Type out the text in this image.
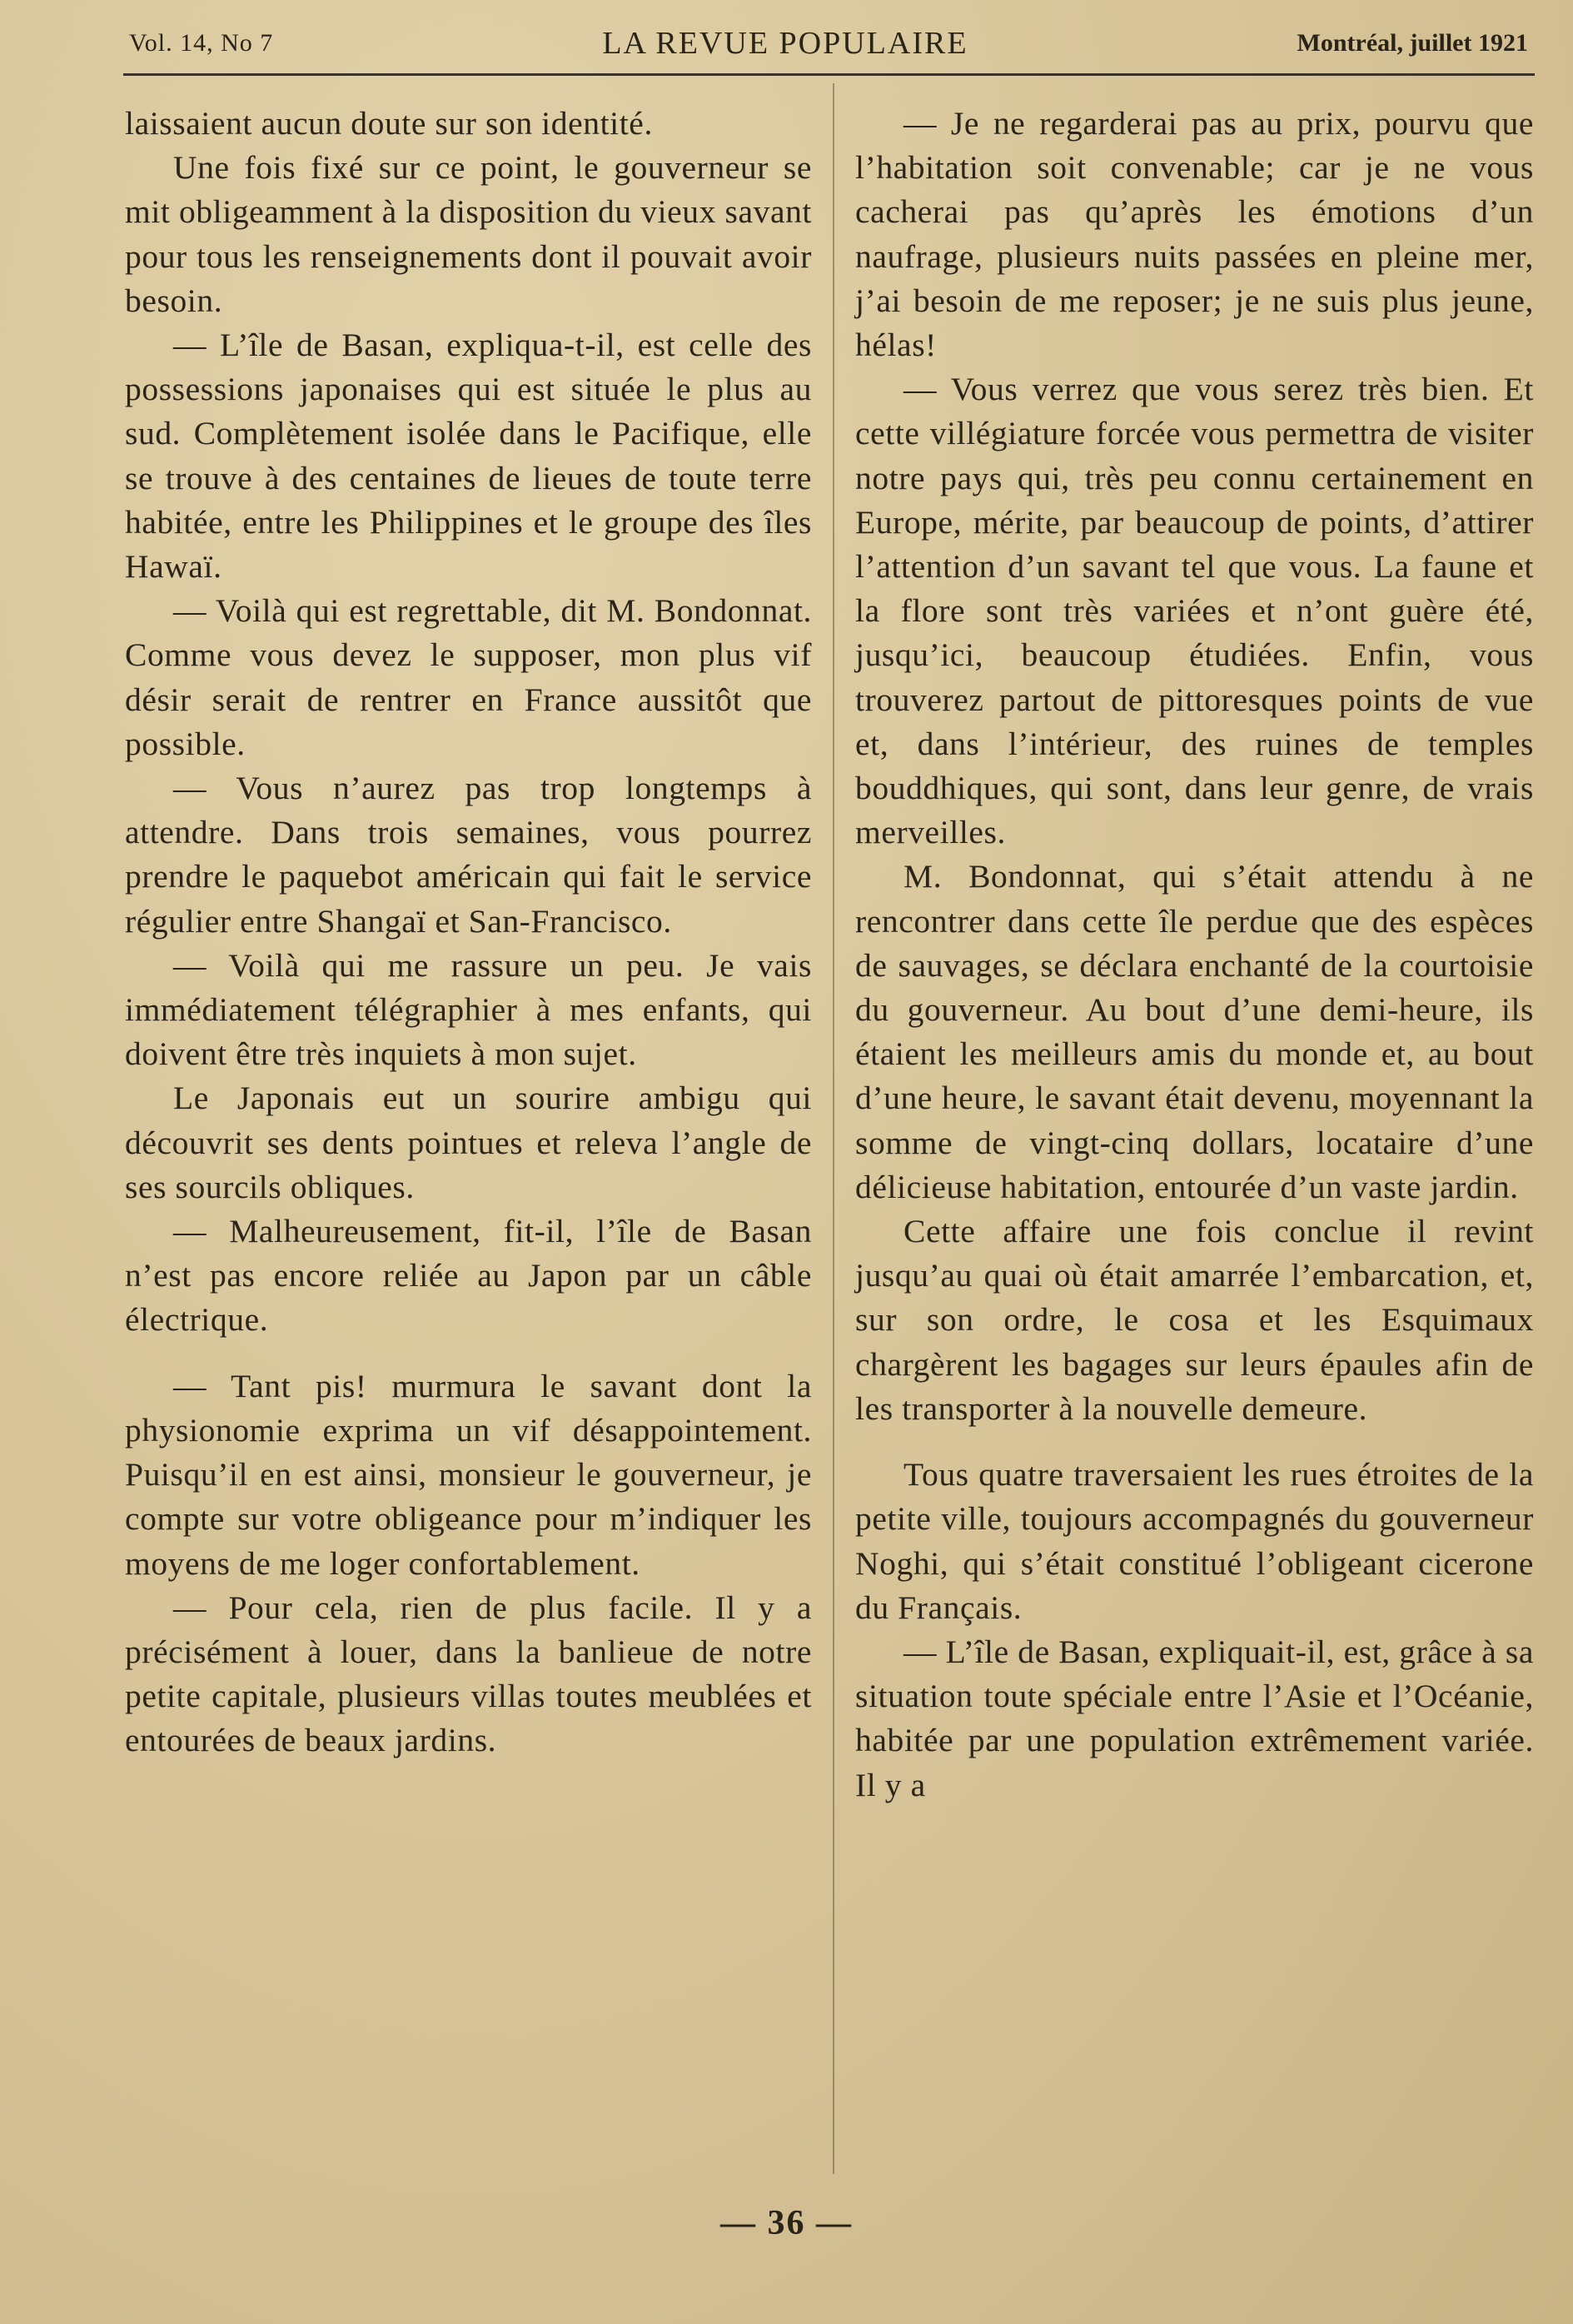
Vol. 14, No 7	LA REVUE POPULAIRE	Montréal, juillet 1921

laissaient aucun doute sur son identité.

Une fois fixé sur ce point, le gouverneur se mit obligeamment à la disposition du vieux savant pour tous les renseignements dont il pouvait avoir besoin.

— L’île de Basan, expliqua-t-il, est celle des possessions japonaises qui est située le plus au sud. Complètement isolée dans le Pacifique, elle se trouve à des centaines de lieues de toute terre habitée, entre les Philippines et le groupe des îles Hawaï.

— Voilà qui est regrettable, dit M. Bondonnat. Comme vous devez le supposer, mon plus vif désir serait de rentrer en France aussitôt que possible.

— Vous n’aurez pas trop longtemps à attendre. Dans trois semaines, vous pourrez prendre le paquebot américain qui fait le service régulier entre Shangaï et San-Francisco.

— Voilà qui me rassure un peu. Je vais immédiatement télégraphier à mes enfants, qui doivent être très inquiets à mon sujet.

Le Japonais eut un sourire ambigu qui découvrit ses dents pointues et releva l’angle de ses sourcils obliques.

— Malheureusement, fit-il, l’île de Basan n’est pas encore reliée au Japon par un câble électrique.

— Tant pis! murmura le savant dont la physionomie exprima un vif désappointement. Puisqu’il en est ainsi, monsieur le gouverneur, je compte sur votre obligeance pour m’indiquer les moyens de me loger confortablement.

— Pour cela, rien de plus facile. Il y a précisément à louer, dans la banlieue de notre petite capitale, plusieurs villas toutes meublées et entourées de beaux jardins.

— Je ne regarderai pas au prix, pourvu que l’habitation soit convenable; car je ne vous cacherai pas qu’après les émotions d’un naufrage, plusieurs nuits passées en pleine mer, j’ai besoin de me reposer; je ne suis plus jeune, hélas!

— Vous verrez que vous serez très bien. Et cette villégiature forcée vous permettra de visiter notre pays qui, très peu connu certainement en Europe, mérite, par beaucoup de points, d’attirer l’attention d’un savant tel que vous. La faune et la flore sont très variées et n’ont guère été, jusqu’ici, beaucoup étudiées. Enfin, vous trouverez partout de pittoresques points de vue et, dans l’intérieur, des ruines de temples bouddhiques, qui sont, dans leur genre, de vrais merveilles.

M. Bondonnat, qui s’était attendu à ne rencontrer dans cette île perdue que des espèces de sauvages, se déclara enchanté de la courtoisie du gouverneur. Au bout d’une demi-heure, ils étaient les meilleurs amis du monde et, au bout d’une heure, le savant était devenu, moyennant la somme de vingt-cinq dollars, locataire d’une délicieuse habitation, entourée d’un vaste jardin.

Cette affaire une fois conclue il revint jusqu’au quai où était amarrée l’embarcation, et, sur son ordre, le cosa et les Esquimaux chargèrent les bagages sur leurs épaules afin de les transporter à la nouvelle demeure.

Tous quatre traversaient les rues étroites de la petite ville, toujours accompagnés du gouverneur Noghi, qui s’était constitué l’obligeant cicerone du Français.

— L’île de Basan, expliquait-il, est, grâce à sa situation toute spéciale entre l’Asie et l’Océanie, habitée par une population extrêmement variée. Il y a

— 36 —
